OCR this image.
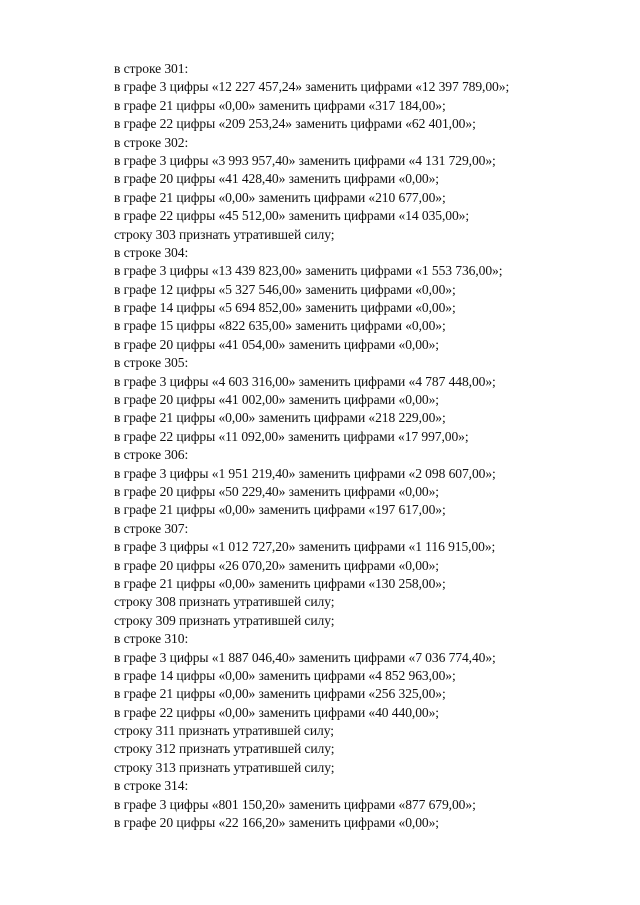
в строке 301:
в графе 3 цифры «12 227 457,24» заменить цифрами «12 397 789,00»;
в графе 21 цифры «0,00» заменить цифрами «317 184,00»;
в графе 22 цифры «209 253,24» заменить цифрами «62 401,00»;
в строке 302:
в графе 3 цифры «3 993 957,40» заменить цифрами «4 131 729,00»;
в графе 20 цифры «41 428,40» заменить цифрами «0,00»;
в графе 21 цифры «0,00» заменить цифрами «210 677,00»;
в графе 22 цифры «45 512,00» заменить цифрами «14 035,00»;
строку 303 признать утратившей силу;
в строке 304:
в графе 3 цифры «13 439 823,00» заменить цифрами «1 553 736,00»;
в графе 12 цифры «5 327 546,00» заменить цифрами «0,00»;
в графе 14 цифры «5 694 852,00» заменить цифрами «0,00»;
в графе 15 цифры «822 635,00» заменить цифрами «0,00»;
в графе 20 цифры «41 054,00» заменить цифрами «0,00»;
в строке 305:
в графе 3 цифры «4 603 316,00» заменить цифрами «4 787 448,00»;
в графе 20 цифры «41 002,00» заменить цифрами «0,00»;
в графе 21 цифры «0,00» заменить цифрами «218 229,00»;
в графе 22 цифры «11 092,00» заменить цифрами «17 997,00»;
в строке 306:
в графе 3 цифры «1 951 219,40» заменить цифрами «2 098 607,00»;
в графе 20 цифры «50 229,40» заменить цифрами «0,00»;
в графе 21 цифры «0,00» заменить цифрами «197 617,00»;
в строке 307:
в графе 3 цифры «1 012 727,20» заменить цифрами «1 116 915,00»;
в графе 20 цифры «26 070,20» заменить цифрами «0,00»;
в графе 21 цифры «0,00» заменить цифрами «130 258,00»;
строку 308 признать утратившей силу;
строку 309 признать утратившей силу;
в строке 310:
в графе 3 цифры «1 887 046,40» заменить цифрами «7 036 774,40»;
в графе 14 цифры «0,00» заменить цифрами «4 852 963,00»;
в графе 21 цифры «0,00» заменить цифрами «256 325,00»;
в графе 22 цифры «0,00» заменить цифрами «40 440,00»;
строку 311 признать утратившей силу;
строку 312 признать утратившей силу;
строку 313 признать утратившей силу;
в строке 314:
в графе 3 цифры «801 150,20» заменить цифрами «877 679,00»;
в графе 20 цифры «22 166,20» заменить цифрами «0,00»;
